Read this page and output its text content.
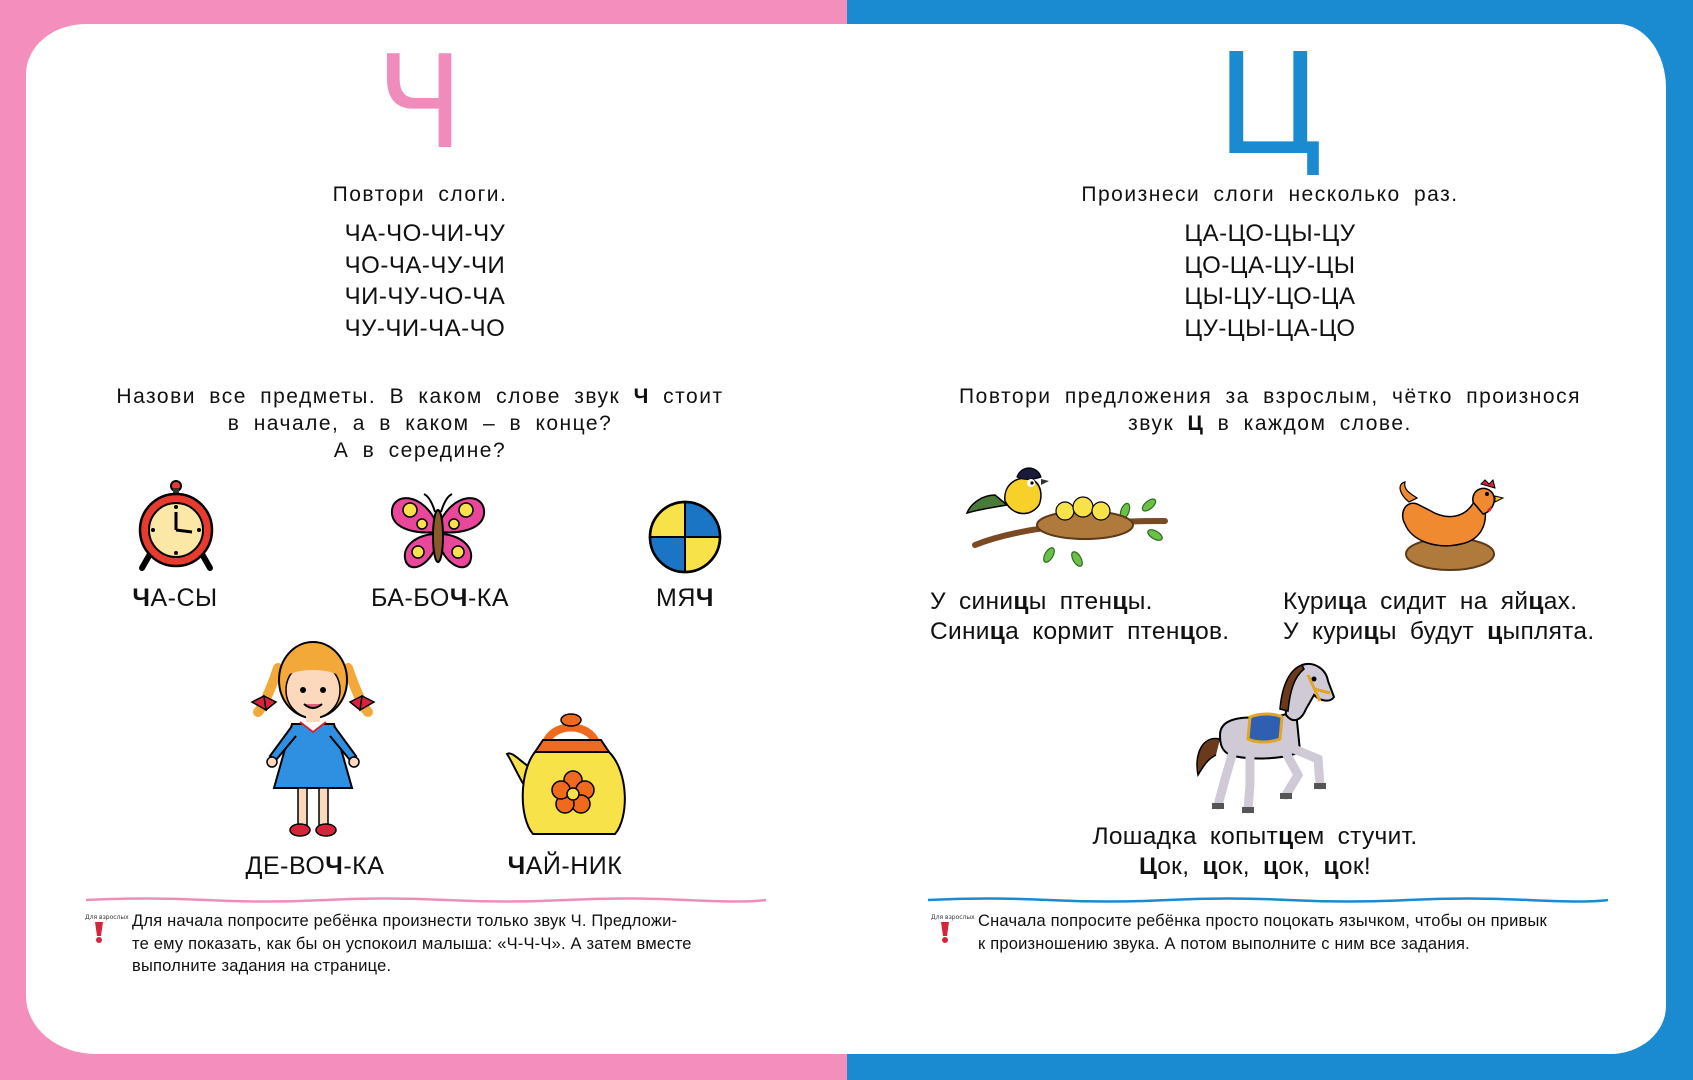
Ч
Повтори слоги.
ЧА-ЧО-ЧИ-ЧУ
ЧО-ЧА-ЧУ-ЧИ
ЧИ-ЧУ-ЧО-ЧА
ЧУ-ЧИ-ЧА-ЧО
Назови все предметы. В каком слове звук Ч стоит
в начале, а в каком – в конце?
А в середине?
ЧА-СЫ	БА-БОЧ-КА	МЯЧ
ДЕ-ВОЧ-КА	ЧАЙ-НИК
Для взрослых Для начала попросите ребёнка произнести только звук Ч. Предложи-
те ему показать, как бы он успокоил малыша: «Ч-Ч-Ч». А затем вместе
выполните задания на странице.
Ц
Произнеси слоги несколько раз.
ЦА-ЦО-ЦЫ-ЦУ
ЦО-ЦА-ЦУ-ЦЫ
ЦЫ-ЦУ-ЦО-ЦА
ЦУ-ЦЫ-ЦА-ЦО
Повтори предложения за взрослым, чётко произнося
звук Ц в каждом слове.
У синицы птенцы.
Синица кормит птенцов.
Курица сидит на яйцах.
У курицы будут цыплята.
Лошадка копытцем стучит.
Цок, цок, цок, цок!
Для взрослых Сначала попросите ребёнка просто поцокать язычком, чтобы он привык
к произношению звука. А потом выполните с ним все задания.
